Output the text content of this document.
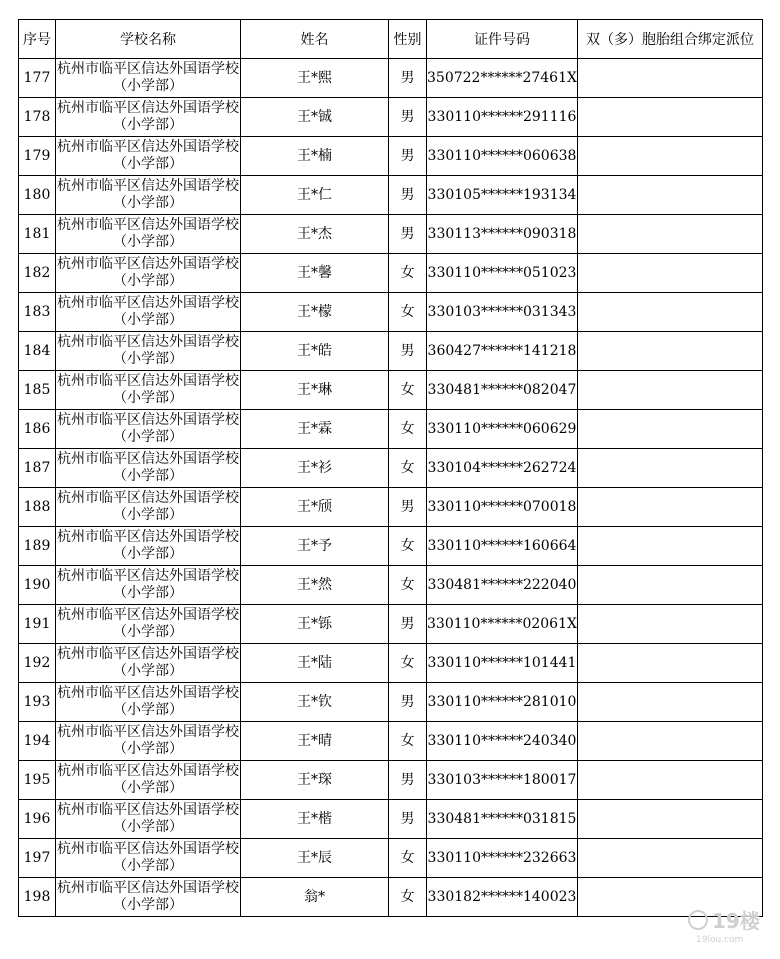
序号	学校名称	姓名	性别	证件号码	双（多）胞胎组合绑定派位
177	杭州市临平区信达外国语学校（小学部）	王*熙	男	350722******27461X	
178	杭州市临平区信达外国语学校（小学部）	王*铖	男	330110******291116	
179	杭州市临平区信达外国语学校（小学部）	王*楠	男	330110******060638	
180	杭州市临平区信达外国语学校（小学部）	王*仁	男	330105******193134	
181	杭州市临平区信达外国语学校（小学部）	王*杰	男	330113******090318	
182	杭州市临平区信达外国语学校（小学部）	王*馨	女	330110******051023	
183	杭州市临平区信达外国语学校（小学部）	王*檬	女	330103******031343	
184	杭州市临平区信达外国语学校（小学部）	王*皓	男	360427******141218	
185	杭州市临平区信达外国语学校（小学部）	王*琳	女	330481******082047	
186	杭州市临平区信达外国语学校（小学部）	王*霖	女	330110******060629	
187	杭州市临平区信达外国语学校（小学部）	王*衫	女	330104******262724	
188	杭州市临平区信达外国语学校（小学部）	王*颀	男	330110******070018	
189	杭州市临平区信达外国语学校（小学部）	王*予	女	330110******160664	
190	杭州市临平区信达外国语学校（小学部）	王*然	女	330481******222040	
191	杭州市临平区信达外国语学校（小学部）	王*铄	男	330110******02061X	
192	杭州市临平区信达外国语学校（小学部）	王*陆	女	330110******101441	
193	杭州市临平区信达外国语学校（小学部）	王*钦	男	330110******281010	
194	杭州市临平区信达外国语学校（小学部）	王*晴	女	330110******240340	
195	杭州市临平区信达外国语学校（小学部）	王*琛	男	330103******180017	
196	杭州市临平区信达外国语学校（小学部）	王*楷	男	330481******031815	
197	杭州市临平区信达外国语学校（小学部）	王*辰	女	330110******232663	
198	杭州市临平区信达外国语学校（小学部）	翁*	女	330182******140023	
19楼
19lou.com
